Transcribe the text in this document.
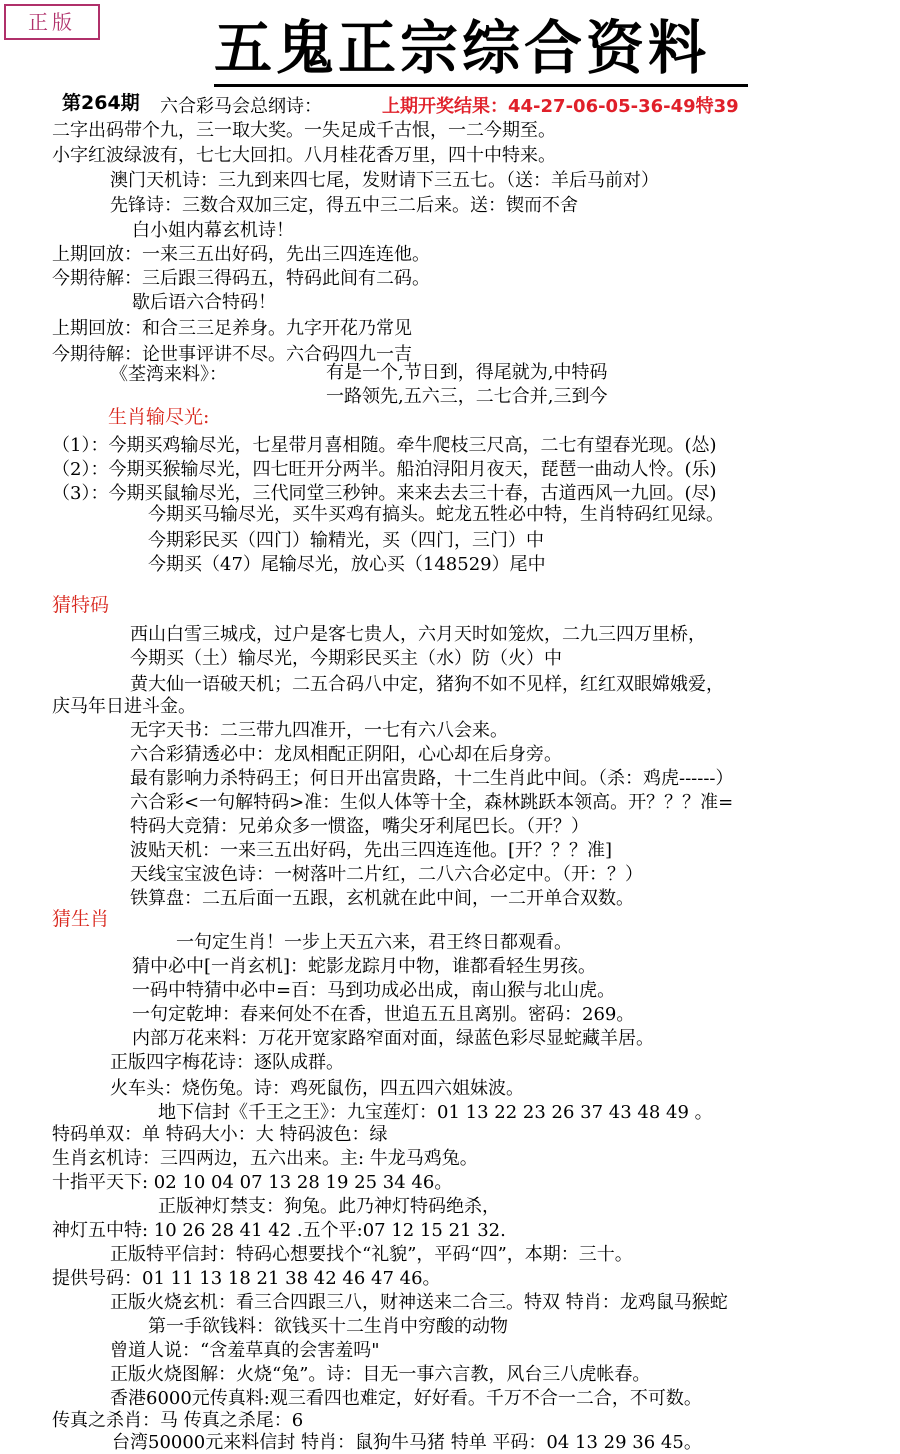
正版	五鬼正宗综合资料
第264期	上期开奖结果：44-27-06-05-36-49特39
六合彩马会总纲诗：
二字出码带个九，三一取大奖。一失足成千古恨，一二今期至。
小字红波绿波有，七七大回扣。八月桂花香万里，四十中特来。
澳门天机诗：三九到来四七尾，发财请下三五七。（送：羊后马前对）
先锋诗：三数合双加三定，得五中三二后来。送：锲而不舍
白小姐内幕玄机诗！
上期回放：一来三五出好码，先出三四连连他。
今期待解：三后跟三得码五，特码此间有二码。
歇后语六合特码！
上期回放：和合三三足养身。九字开花乃常见
今期待解：论世事评讲不尽。六合码四九一吉
《荃湾来料》：	有是一个,节日到，得尾就为,中特码
一路领先,五六三，二七合并,三到今
生肖输尽光:
（1）：今期买鸡输尽光，七星带月喜相随。牵牛爬枝三尺高，二七有望春光现。(怂)
（2）：今期买猴输尽光，四七旺开分两半。船泊浔阳月夜天，琵琶一曲动人怜。(乐)
（3）：今期买鼠输尽光，三代同堂三秒钟。来来去去三十春，古道西风一九回。(尽)
今期买马输尽光，买牛买鸡有搞头。蛇龙五牲必中特，生肖特码红见绿。
今期彩民买（四门）输精光，买（四门，三门）中
今期买（47）尾输尽光，放心买（148529）尾中
猜特码
西山白雪三城戌，过户是客七贵人，六月天时如笼炊，二九三四万里桥，
今期买（土）输尽光，今期彩民买主（水）防（火）中
黄大仙一语破天机；二五合码八中定，猪狗不如不见样，红红双眼嫦娥爱，
庆马年日进斗金。
无字天书：二三带九四准开，一七有六八会来。
六合彩猜透必中：龙凤相配正阴阳，心心却在后身旁。
最有影响力杀特码王；何日开出富贵路，十二生肖此中间。（杀：鸡虎------）
六合彩<一句解特码>准：生似人体等十全，森林跳跃本领高。开？？？准=
特码大竞猜：兄弟众多一惯盗，嘴尖牙利尾巴长。（开？）
波贴天机：一来三五出好码，先出三四连连他。[开？？？准]
天线宝宝波色诗：一树落叶二片红，二八六合必定中。（开：？）
铁算盘：二五后面一五跟，玄机就在此中间，一二开单合双数。
猜生肖
一句定生肖！一步上天五六来，君王终日都观看。
猜中必中[一肖玄机]：蛇影龙踪月中物，谁都看轻生男孩。
一码中特猜中必中=百：马到功成必出成，南山猴与北山虎。
一句定乾坤：春来何处不在香，世追五五且离别。密码：269。
内部万花来料：万花开宽家路窄面对面，绿蓝色彩尽显蛇藏羊居。
正版四字梅花诗：逐队成群。
火车头：烧伤兔。诗：鸡死鼠伤，四五四六姐妹波。
地下信封《千王之王》：九宝莲灯：01 13 22 23 26 37 43 48 49 。
特码单双：单 特码大小：大 特码波色：绿
生肖玄机诗：三四两边，五六出来。主: 牛龙马鸡兔。
十指平天下: 02 10 04 07 13 28 19 25 34 46。
正版神灯禁支：狗兔。此乃神灯特码绝杀，
神灯五中特: 10 26 28 41 42 .五个平:07 12 15 21 32.
正版特平信封：特码心想要找个“礼貌”，平码“四”，本期：三十。
提供号码：01 11 13 18 21 38 42 46 47 46。
正版火烧玄机：看三合四跟三八，财神送来二合三。特双 特肖：龙鸡鼠马猴蛇
第一手欲钱料：欲钱买十二生肖中穷酸的动物
曾道人说：“含羞草真的会害羞吗"
正版火烧图解：火烧“兔”。诗：目无一事六言教，风台三八虎帐春。
香港6000元传真料:观三看四也难定，好好看。千万不合一二合，不可数。
传真之杀肖：马 传真之杀尾：6
台湾50000元来料信封 特肖：鼠狗牛马猪 特单 平码：04 13 29 36 45。
